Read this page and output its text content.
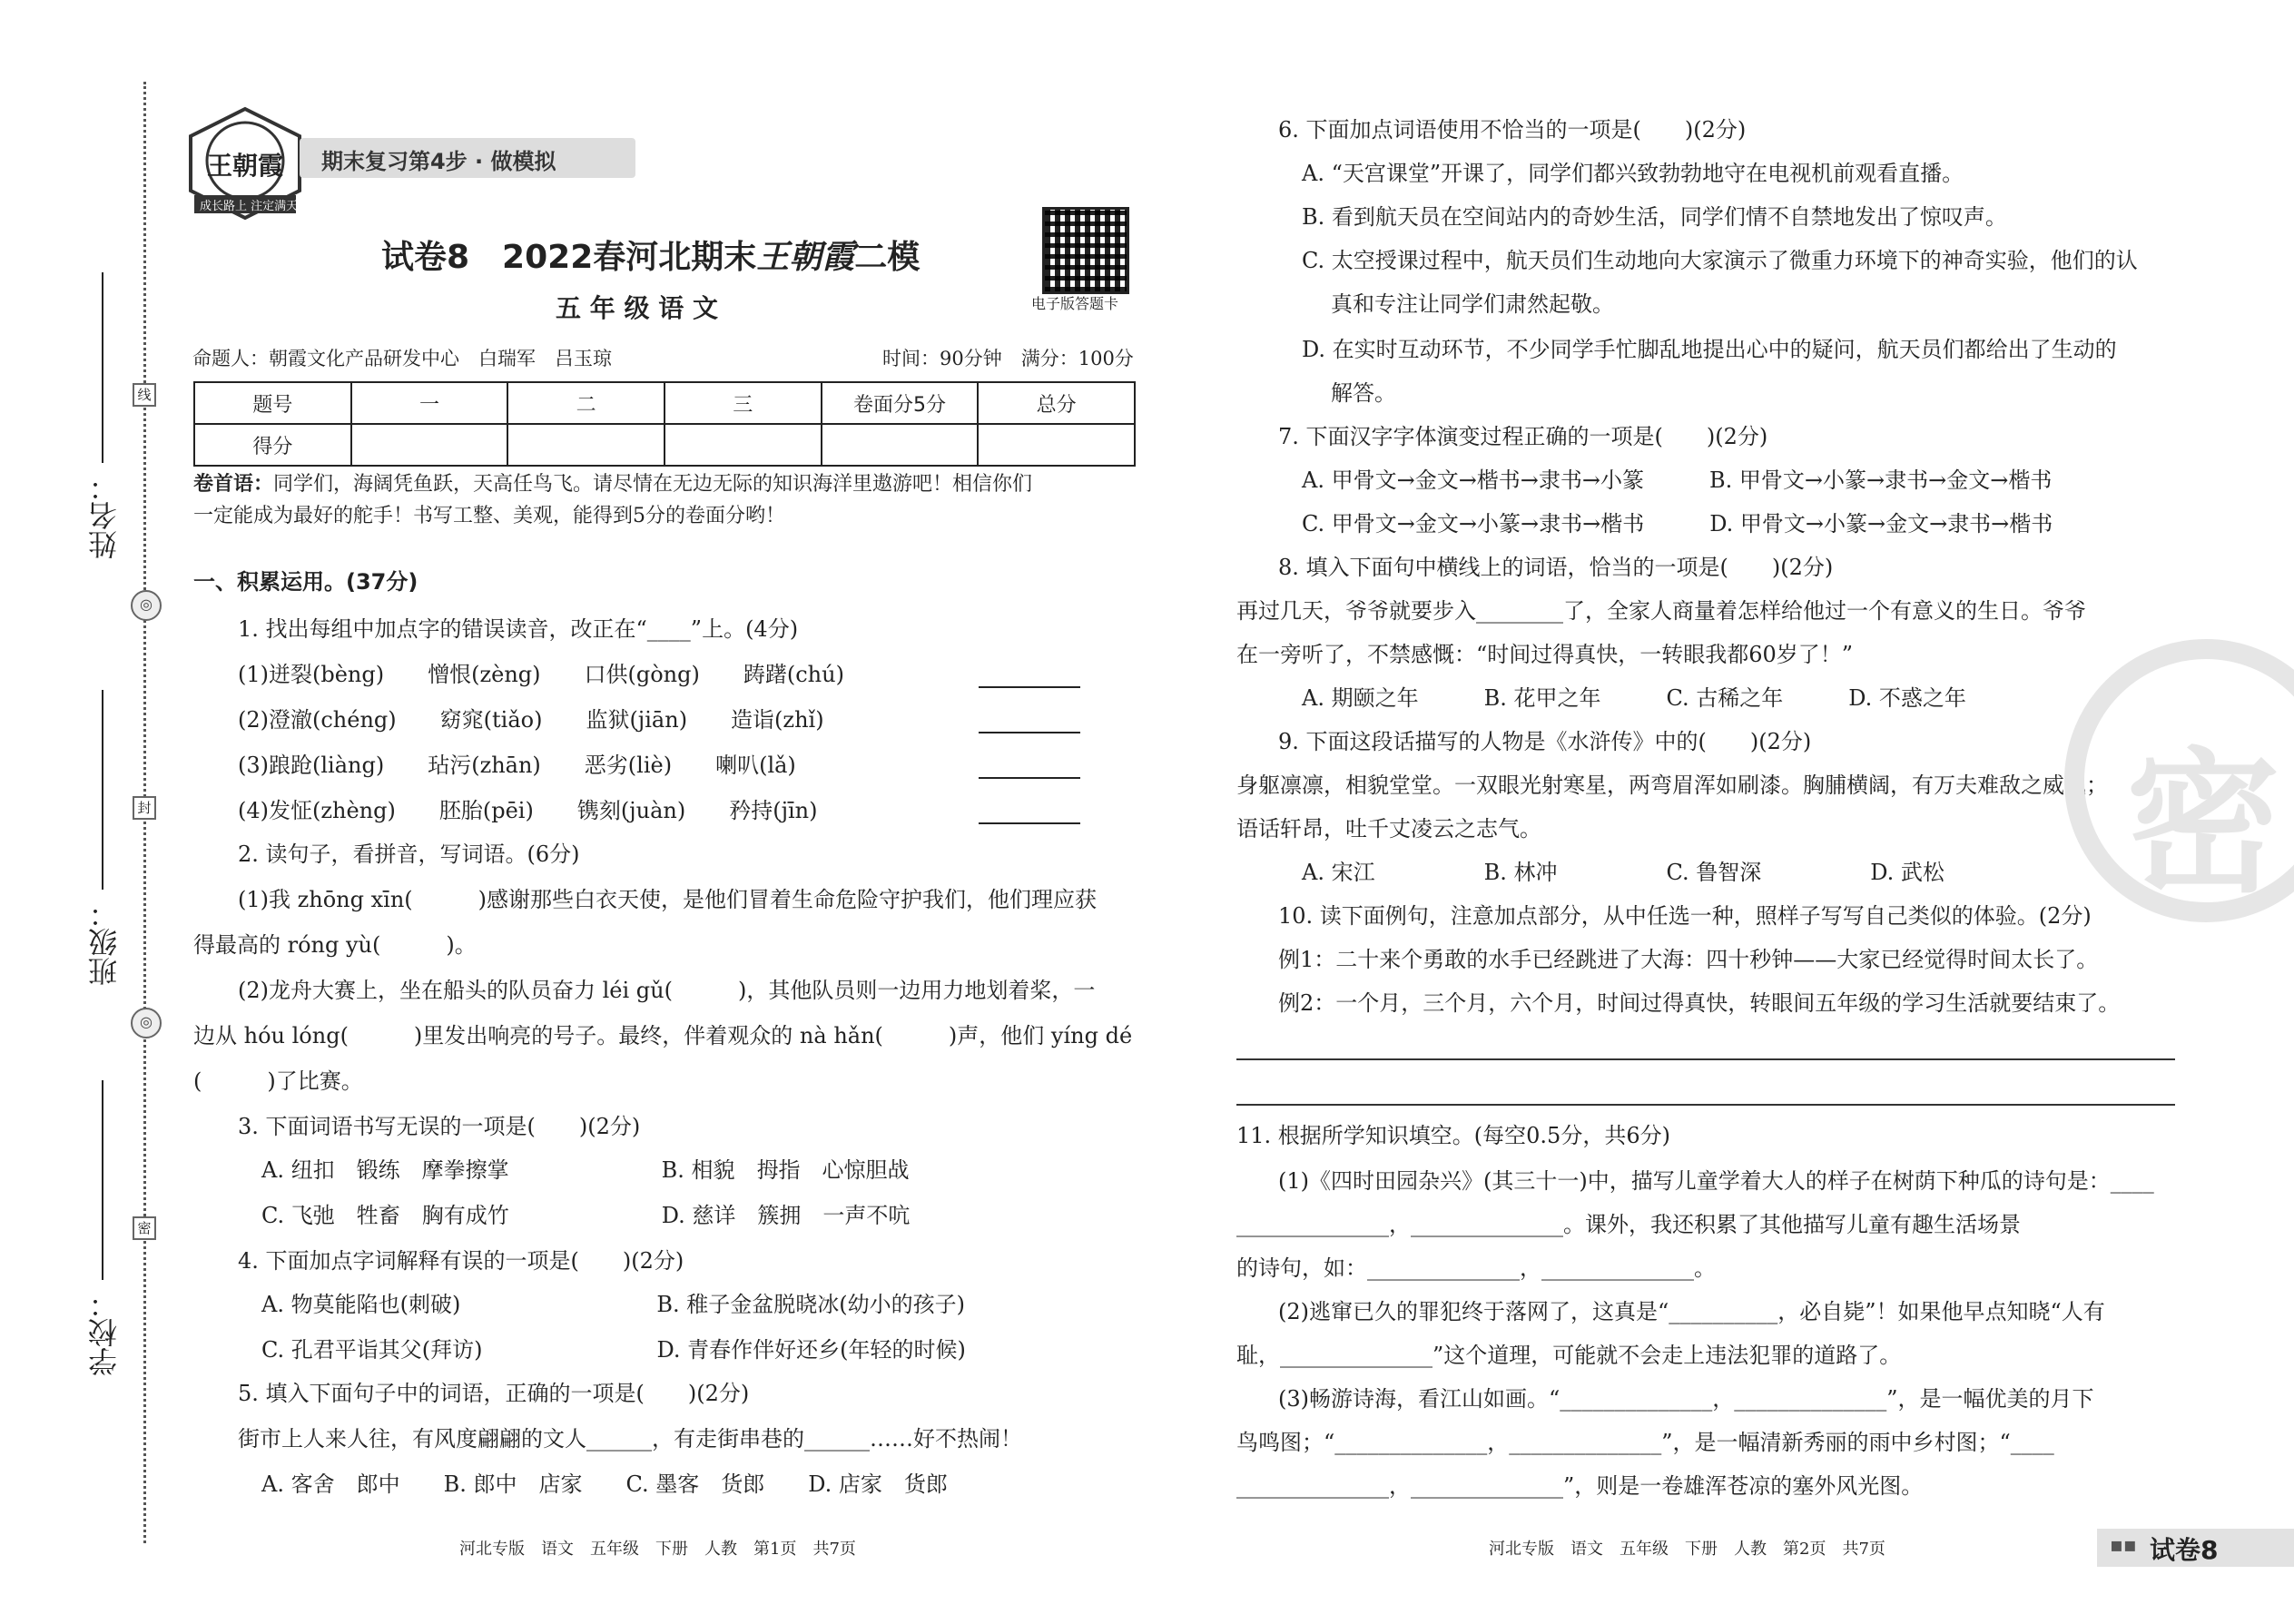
线
封
密
◎
◎
姓名：
班级：
学校：
王朝霞
成长路上 注定满天
期末复习第4步 · 做模拟
试卷8　2022春河北期末王朝霞二模
五 年 级 语 文	电子版答题卡
命题人：朝霞文化产品研发中心　白瑞军　吕玉琼	时间：90分钟　满分：100分
题号	一	二	三	卷面分5分	总分
得分					
卷首语：同学们，海阔凭鱼跃，天高任鸟飞。请尽情在无边无际的知识海洋里遨游吧！相信你们
一定能成为最好的舵手！书写工整、美观，能得到5分的卷面分哟！
一、积累运用。(37分)
1. 找出每组中加点字的错误读音，改正在“____”上。(4分)
(1)迸裂(bèng)　　憎恨(zèng)　　口供(gòng)　　踌躇(chú)
(2)澄澈(chéng)　　窈窕(tiǎo)　　监狱(jiān)　　造诣(zhǐ)
(3)踉跄(liàng)　　玷污(zhān)　　恶劣(liè)　　喇叭(lǎ)
(4)发怔(zhèng)　　胚胎(pēi)　　镌刻(juàn)　　矜持(jīn)
2. 读句子，看拼音，写词语。(6分)
(1)我 zhōng xīn(　　　)感谢那些白衣天使，是他们冒着生命危险守护我们，他们理应获
得最高的 róng yù(　　　)。
(2)龙舟大赛上，坐在船头的队员奋力 léi gǔ(　　　)，其他队员则一边用力地划着桨，一
边从 hóu lóng(　　　)里发出响亮的号子。最终，伴着观众的 nà hǎn(　　　)声，他们 yíng dé
(　　　)了比赛。
3. 下面词语书写无误的一项是(　　)(2分)
A. 纽扣　锻练　摩拳擦掌　　　　　　　B. 相貌　拇指　心惊胆战
C. 飞弛　牲畜　胸有成竹　　　　　　　D. 慈详　簇拥　一声不吭
4. 下面加点字词解释有误的一项是(　　)(2分)
A. 物莫能陷也(刺破)　　　　　　　　　B. 稚子金盆脱晓冰(幼小的孩子)
C. 孔君平诣其父(拜访)　　　　　　　　D. 青春作伴好还乡(年轻的时候)
5. 填入下面句子中的词语，正确的一项是(　　)(2分)
街市上人来人往，有风度翩翩的文人______，有走街串巷的______……好不热闹！
A. 客舍　郎中　　B. 郎中　店家　　C. 墨客　货郎　　D. 店家　货郎
6. 下面加点词语使用不恰当的一项是(　　)(2分)
A. “天宫课堂”开课了，同学们都兴致勃勃地守在电视机前观看直播。
B. 看到航天员在空间站内的奇妙生活，同学们情不自禁地发出了惊叹声。
C. 太空授课过程中，航天员们生动地向大家演示了微重力环境下的神奇实验，他们的认
真和专注让同学们肃然起敬。
D. 在实时互动环节，不少同学手忙脚乱地提出心中的疑问，航天员们都给出了生动的
解答。
7. 下面汉字字体演变过程正确的一项是(　　)(2分)
A. 甲骨文→金文→楷书→隶书→小篆　　　B. 甲骨文→小篆→隶书→金文→楷书
C. 甲骨文→金文→小篆→隶书→楷书　　　D. 甲骨文→小篆→金文→隶书→楷书
8. 填入下面句中横线上的词语，恰当的一项是(　　)(2分)
再过几天，爷爷就要步入________了，全家人商量着怎样给他过一个有意义的生日。爷爷
在一旁听了，不禁感慨：“时间过得真快，一转眼我都60岁了！”
A. 期颐之年　　　B. 花甲之年　　　C. 古稀之年　　　D. 不惑之年
9. 下面这段话描写的人物是《水浒传》中的(　　)(2分)
身躯凛凛，相貌堂堂。一双眼光射寒星，两弯眉浑如刷漆。胸脯横阔，有万夫难敌之威风；
语话轩昂，吐千丈凌云之志气。
A. 宋江　　　　　B. 林冲　　　　　C. 鲁智深　　　　　D. 武松
10. 读下面例句，注意加点部分，从中任选一种，照样子写写自己类似的体验。(2分)
例1：二十来个勇敢的水手已经跳进了大海：四十秒钟——大家已经觉得时间太长了。
例2：一个月，三个月，六个月，时间过得真快，转眼间五年级的学习生活就要结束了。
11. 根据所学知识填空。(每空0.5分，共6分)
(1)《四时田园杂兴》(其三十一)中，描写儿童学着大人的样子在树荫下种瓜的诗句是：____
______________，______________。课外，我还积累了其他描写儿童有趣生活场景
的诗句，如：______________，______________。
(2)逃窜已久的罪犯终于落网了，这真是“__________，必自毙”！如果他早点知晓“人有
耻，______________”这个道理，可能就不会走上违法犯罪的道路了。
(3)畅游诗海，看江山如画。“______________，______________”，是一幅优美的月下
鸟鸣图；“______________，______________”，是一幅清新秀丽的雨中乡村图；“____
______________，______________”，则是一卷雄浑苍凉的塞外风光图。
密
河北专版　语文　五年级　下册　人教　第1页　共7页	河北专版　语文　五年级　下册　人教　第2页　共7页	▪▪ 试卷8
